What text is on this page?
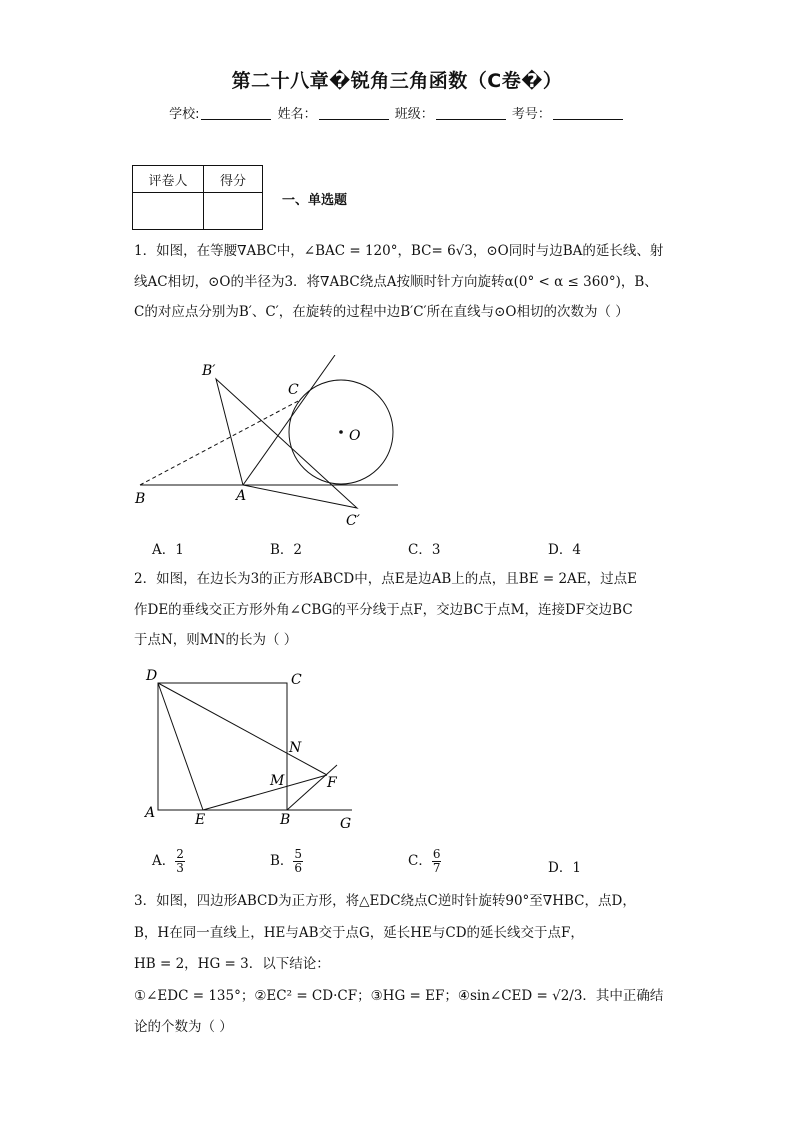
第二十八章�锐角三角函数（C卷�）
学校:	姓名：	班级：	考号：
评卷人	得分

一、单选题
1．如图，在等腰∇ABC中，∠BAC = 120°，BC= 6√3，⊙O同时与边BA的延长线、射
线AC相切，⊙O的半径为3．将∇ABC绕点A按顺时针方向旋转α(0° < α ≤ 360°)，B、
C的对应点分别为B′、C′，在旋转的过程中边B′C′所在直线与⊙O相切的次数为（ ）
B′
C
O
B	A
C′
A．1	B．2	C．3	D．4
2．如图，在边长为3的正方形ABCD中，点E是边AB上的点，且BE = 2AE，过点E
作DE的垂线交正方形外角∠CBG的平分线于点F，交边BC于点M，连接DF交边BC
于点N，则MN的长为（ ）
D	C
N
M	F
A	E	B	G
A． $\frac{2}{3}$	B． $\frac{5}{6}$	C． $\frac{6}{7}$	D．1
3．如图，四边形ABCD为正方形，将△EDC绕点C逆时针旋转90°至∇HBC，点D，
B，H在同一直线上，HE与AB交于点G，延长HE与CD的延长线交于点F，
HB = 2，HG = 3．以下结论：
①∠EDC = 135°；②EC² = CD·CF；③HG = EF；④sin∠CED = √2/3．其中正确结
论的个数为（ ）
